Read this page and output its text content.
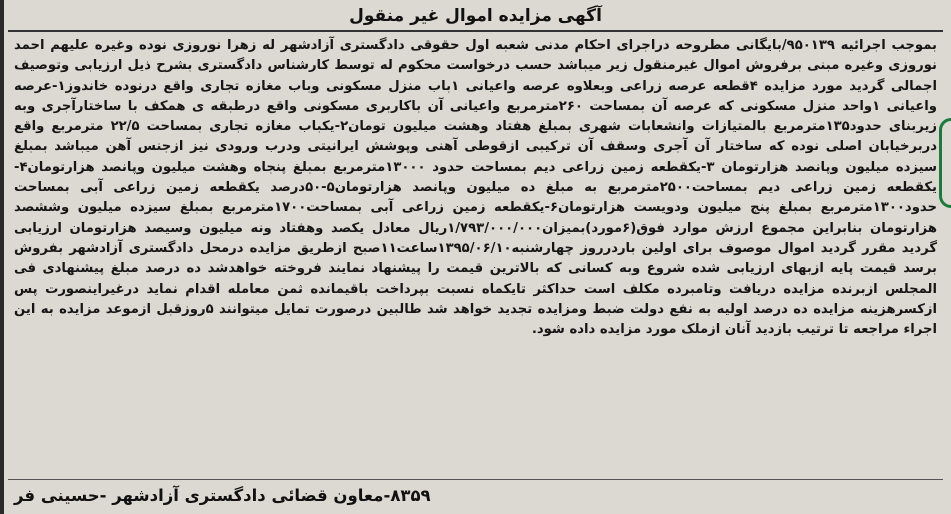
آگهی مزایده اموال غیر منقول

بموجب اجرائیه ۹۵۰۱۳۹/بایگانی مطروحه دراجرای احکام مدنی شعبه اول حقوقی دادگستری آزادشهر له زهرا نوروزی نوده وغیره علیهم احمد نوروزی وغیره مبنی برفروش اموال غیرمنقول زیر میباشد حسب درخواست محکوم له توسط کارشناس دادگستری بشرح ذیل ارزیابی وتوصیف اجمالی گردید مورد مزایده ۴قطعه عرصه زراعی وبعلاوه عرصه واعیانی ۱باب منزل مسکونی وباب مغازه تجاری واقع درنوده خاندوز۱-عرصه واعیانی ۱واحد منزل مسکونی که عرصه آن بمساحت ۲۶۰مترمربع واعیانی آن باکاربری مسکونی واقع درطبقه ی همکف با ساختارآجری وبه زیربنای حدود۱۳۵مترمربع بالمتیازات وانشعابات شهری بمبلغ هفتاد وهشت میلیون تومان۲-یکباب مغازه تجاری بمساحت ۲۲/۵ مترمربع واقع دربرخیابان اصلی نوده که ساختار آن آجری وسقف آن ترکیبی ازقوطی آهنی وپوشش ایرانیتی ودرب ورودی نیز ازجنس آهن میباشد بمبلغ سیزده میلیون وپانصد هزارتومان ۳-یکقطعه زمین زراعی دیم بمساحت حدود ۱۳۰۰۰مترمربع بمبلغ پنجاه وهشت میلیون وپانصد هزارتومان۴- یکقطعه زمین زراعی دیم بمساحت۲۵۰۰مترمربع به مبلغ ده میلیون وپانصد هزارتومان۵-۵۰درصد یکقطعه زمین زراعی آبی بمساحت حدود۱۳۰۰مترمربع بمبلغ پنج میلیون ودویست هزارتومان۶-یکقطعه زمین زراعی آبی بمساحت۱۷۰۰مترمربع بمبلغ سیزده میلیون وششصد هزارتومان بنابراین مجموع ارزش موارد فوق(۶مورد)بمیزان۱/۷۹۳/۰۰۰/۰۰۰ریال معادل یکصد وهفتاد ونه میلیون وسیصد هزارتومان ارزیابی گردید مقرر گردید اموال موصوف برای اولین باردرروز چهارشنبه۱۳۹۵/۰۶/۱۰ساعت۱۱صبح ازطریق مزایده درمحل دادگستری آزادشهر بفروش برسد قیمت پایه ازبهای ارزیابی شده شروع وبه کسانی که بالاترین قیمت را پیشنهاد نمایند فروخته خواهدشد ده درصد مبلغ پیشنهادی فی المجلس ازبرنده مزایده دریافت وتامبرده مکلف است حداکثر تایکماه نسبت بپرداخت باقیمانده ثمن معامله اقدام نماید درغیراینصورت پس ازکسرهزینه مزایده ده درصد اولیه به نفع دولت ضبط ومزایده تجدید خواهد شد طالبین درصورت تمایل میتوانند ۵روزقبل ازموعد مزایده به این اجراء مراجعه تا ترتیب بازدید آنان ازملک مورد مزایده داده شود.

۸۳۵۹-معاون قضائی دادگستری آزادشهر -حسینی فر
